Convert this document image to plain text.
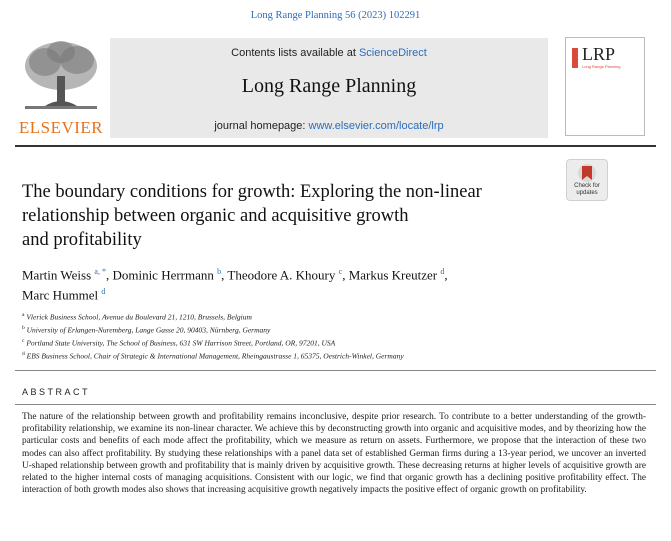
Long Range Planning 56 (2023) 102291
ELSEVIER
Contents lists available at ScienceDirect
Long Range Planning
journal homepage: www.elsevier.com/locate/lrp
LRP
Long Range Planning
Check for
updates
The boundary conditions for growth: Exploring the non-linear
relationship between organic and acquisitive growth
and profitability
Martin Weiss $^{a, *}$, Dominic Herrmann $^b$, Theodore A. Khoury $^c$, Markus Kreutzer $^d$,
Marc Hummel $^d$
$^a$ Vlerick Business School, Avenue du Boulevard 21, 1210, Brussels, Belgium
$^b$ University of Erlangen-Nuremberg, Lange Gasse 20, 90403, Nürnberg, Germany
$^c$ Portland State University, The School of Business, 631 SW Harrison Street, Portland, OR, 97201, USA
$^d$ EBS Business School, Chair of Strategic & International Management, Rheingaustrasse 1, 65375, Oestrich-Winkel, Germany
ABSTRACT
The nature of the relationship between growth and profitability remains inconclusive, despite prior research. To contribute to a better understanding of the growth-profitability relationship, we examine its non-linear character. We achieve this by deconstructing growth into organic and acquisitive modes, and by theorizing how the particular costs and benefits of each mode affect the profitability, which we measure as return on assets. Furthermore, we propose that the interaction of these two modes can also affect profitability. By studying these relationships with a panel data set of established German firms during a 13-year period, we uncover an inverted U-shaped relationship between growth and profitability that is mainly driven by acquisitive growth. These decreasing returns at higher levels of acquisitive growth are related to the higher internal costs of managing acquisitions. Consistent with our logic, we find that organic growth has a declining positive profitability effect. The interaction of both growth modes also shows that increasing acquisitive growth negatively impacts the positive effect of organic growth on profitability.
